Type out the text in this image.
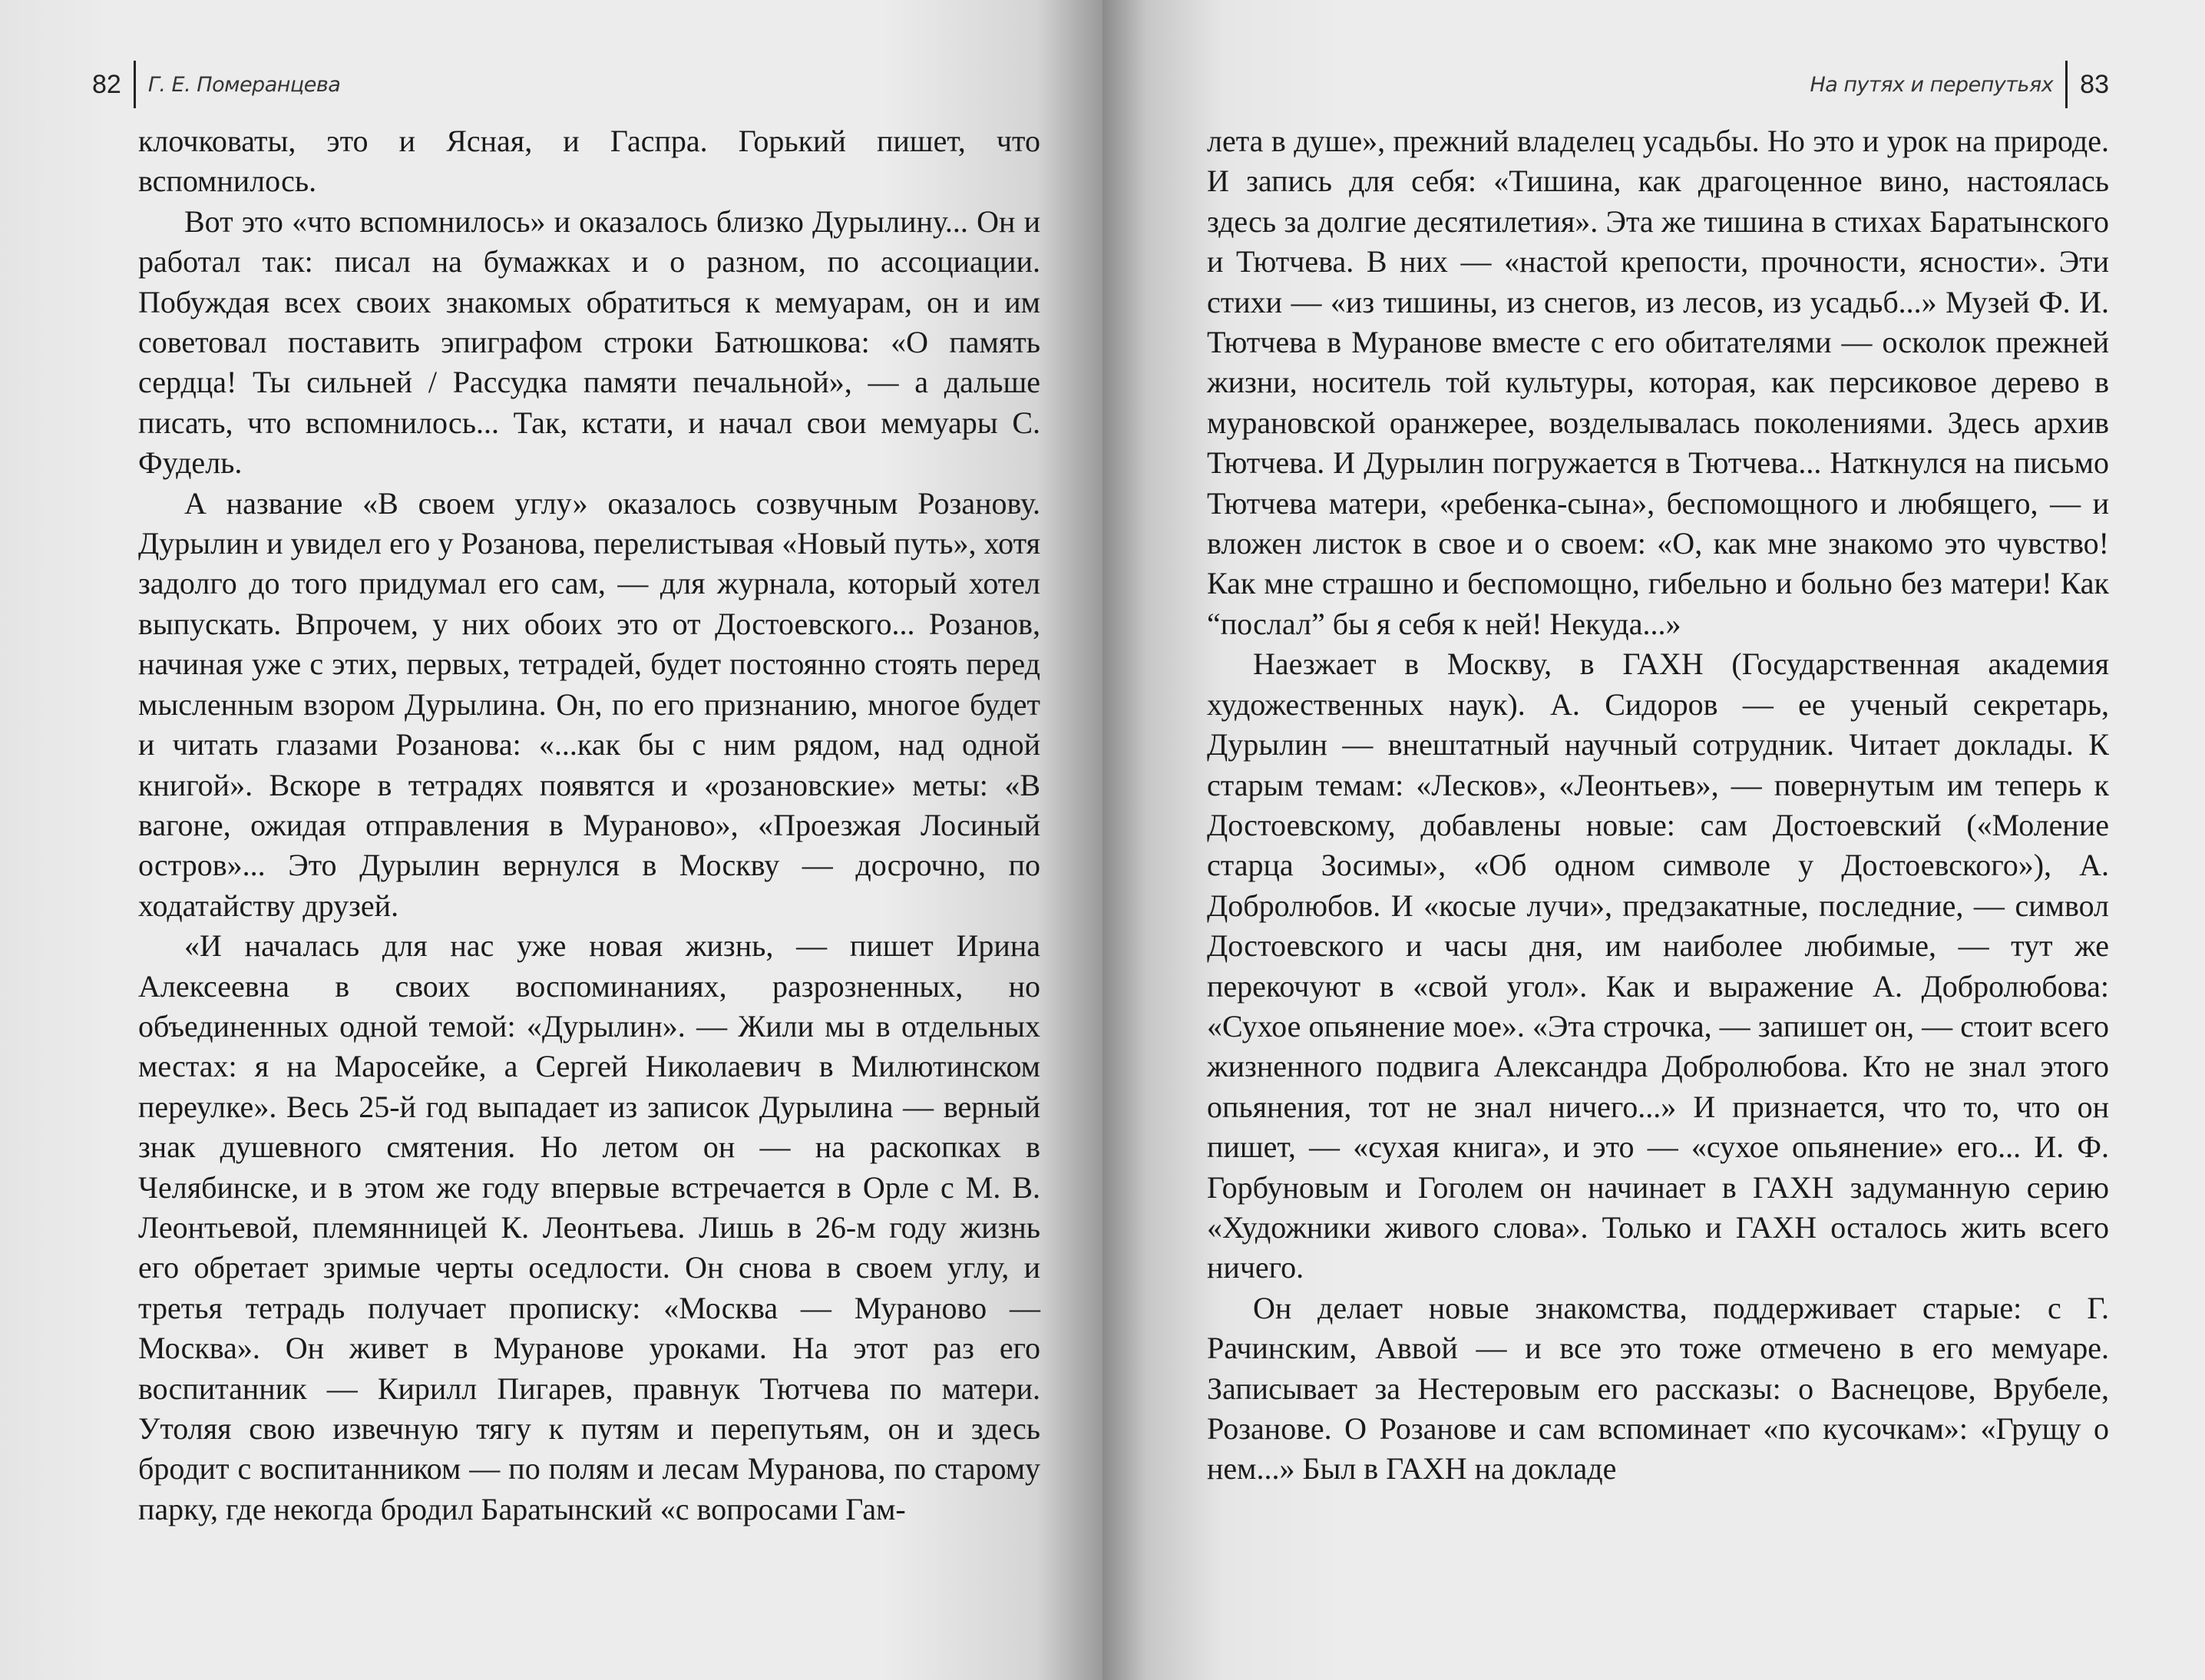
82 Г. Е. Померанцева

клочковаты, это и Ясная, и Гаспра. Горький пишет, что вспомнилось.

Вот это «что вспомнилось» и оказалось близко Дурылину... Он и работал так: писал на бумажках и о разном, по ассоциации. Побуждая всех своих знакомых обратиться к мемуарам, он и им советовал поставить эпиграфом строки Батюшкова: «О память сердца! Ты сильней / Рассудка памяти печальной», — а дальше писать, что вспомнилось... Так, кстати, и начал свои мемуары С. Фудель.

А название «В своем углу» оказалось созвучным Розанову. Дурылин и увидел его у Розанова, перелистывая «Новый путь», хотя задолго до того придумал его сам, — для журнала, который хотел выпускать. Впрочем, у них обоих это от Достоевского... Розанов, начиная уже с этих, первых, тетрадей, будет постоянно стоять перед мысленным взором Дурылина. Он, по его признанию, многое будет и читать глазами Розанова: «...как бы с ним рядом, над одной книгой». Вскоре в тетрадях появятся и «розановские» меты: «В вагоне, ожидая отправления в Мураново», «Проезжая Лосиный остров»... Это Дурылин вернулся в Москву — досрочно, по ходатайству друзей.

«И началась для нас уже новая жизнь, — пишет Ирина Алексеевна в своих воспоминаниях, разрозненных, но объединенных одной темой: «Дурылин». — Жили мы в отдельных местах: я на Маросейке, а Сергей Николаевич в Милютинском переулке». Весь 25-й год выпадает из записок Дурылина — верный знак душевного смятения. Но летом он — на раскопках в Челябинске, и в этом же году впервые встречается в Орле с М. В. Леонтьевой, племянницей К. Леонтьева. Лишь в 26-м году жизнь его обретает зримые черты оседлости. Он снова в своем углу, и третья тетрадь получает прописку: «Москва — Мураново — Москва». Он живет в Муранове уроками. На этот раз его воспитанник — Кирилл Пигарев, правнук Тютчева по матери. Утоляя свою извечную тягу к путям и перепутьям, он и здесь бродит с воспитанником — по полям и лесам Муранова, по старому парку, где некогда бродил Баратынский «с вопросами Гам-

На путях и перепутьях 83

лета в душе», прежний владелец усадьбы. Но это и урок на природе. И запись для себя: «Тишина, как драгоценное вино, настоялась здесь за долгие десятилетия». Эта же тишина в стихах Баратынского и Тютчева. В них — «настой крепости, прочности, ясности». Эти стихи — «из тишины, из снегов, из лесов, из усадьб...» Музей Ф. И. Тютчева в Муранове вместе с его обитателями — осколок прежней жизни, носитель той культуры, которая, как персиковое дерево в мурановской оранжерее, возделывалась поколениями. Здесь архив Тютчева. И Дурылин погружается в Тютчева... Наткнулся на письмо Тютчева матери, «ребенка-сына», беспомощного и любящего, — и вложен листок в свое и о своем: «О, как мне знакомо это чувство! Как мне страшно и беспомощно, гибельно и больно без матери! Как “послал” бы я себя к ней! Некуда...»

Наезжает в Москву, в ГАХН (Государственная академия художественных наук). А. Сидоров — ее ученый секретарь, Дурылин — внештатный научный сотрудник. Читает доклады. К старым темам: «Лесков», «Леонтьев», — повернутым им теперь к Достоевскому, добавлены новые: сам Достоевский («Моление старца Зосимы», «Об одном символе у Достоевского»), А. Добролюбов. И «косые лучи», предзакатные, последние, — символ Достоевского и часы дня, им наиболее любимые, — тут же перекочуют в «свой угол». Как и выражение А. Добролюбова: «Сухое опьянение мое». «Эта строчка, — запишет он, — стоит всего жизненного подвига Александра Добролюбова. Кто не знал этого опьянения, тот не знал ничего...» И признается, что то, что он пишет, — «сухая книга», и это — «сухое опьянение» его... И. Ф. Горбуновым и Гоголем он начинает в ГАХН задуманную серию «Художники живого слова». Только и ГАХН осталось жить всего ничего.

Он делает новые знакомства, поддерживает старые: с Г. Рачинским, Аввой — и все это тоже отмечено в его мемуаре. Записывает за Нестеровым его рассказы: о Васнецове, Врубеле, Розанове. О Розанове и сам вспоминает «по кусочкам»: «Грущу о нем...» Был в ГАХН на докладе
